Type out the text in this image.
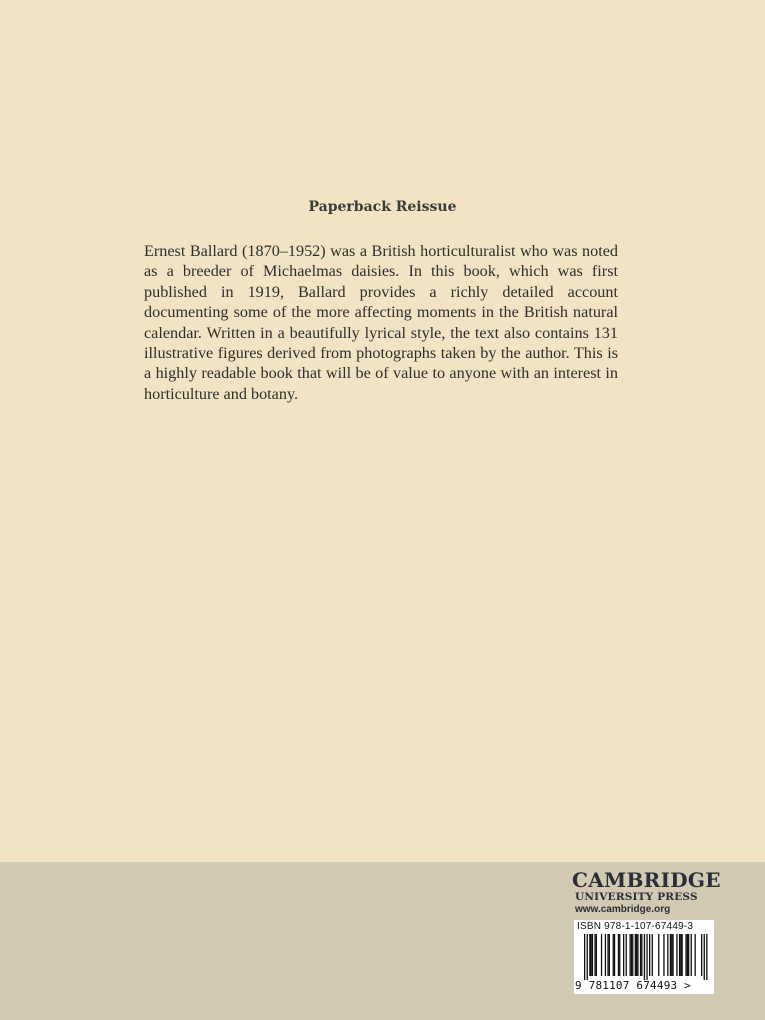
Paperback Reissue

Ernest Ballard (1870–1952) was a British horticulturalist who was noted as a breeder of Michaelmas daisies. In this book, which was first published in 1919, Ballard provides a richly detailed account documenting some of the more affecting moments in the British natural calendar. Written in a beautifully lyrical style, the text also contains 131 illustrative figures derived from photographs taken by the author. This is a highly readable book that will be of value to anyone with an interest in horticulture and botany.

CAMBRIDGE
UNIVERSITY PRESS
www.cambridge.org
ISBN 978-1-107-67449-3
9 781107 674493 >
